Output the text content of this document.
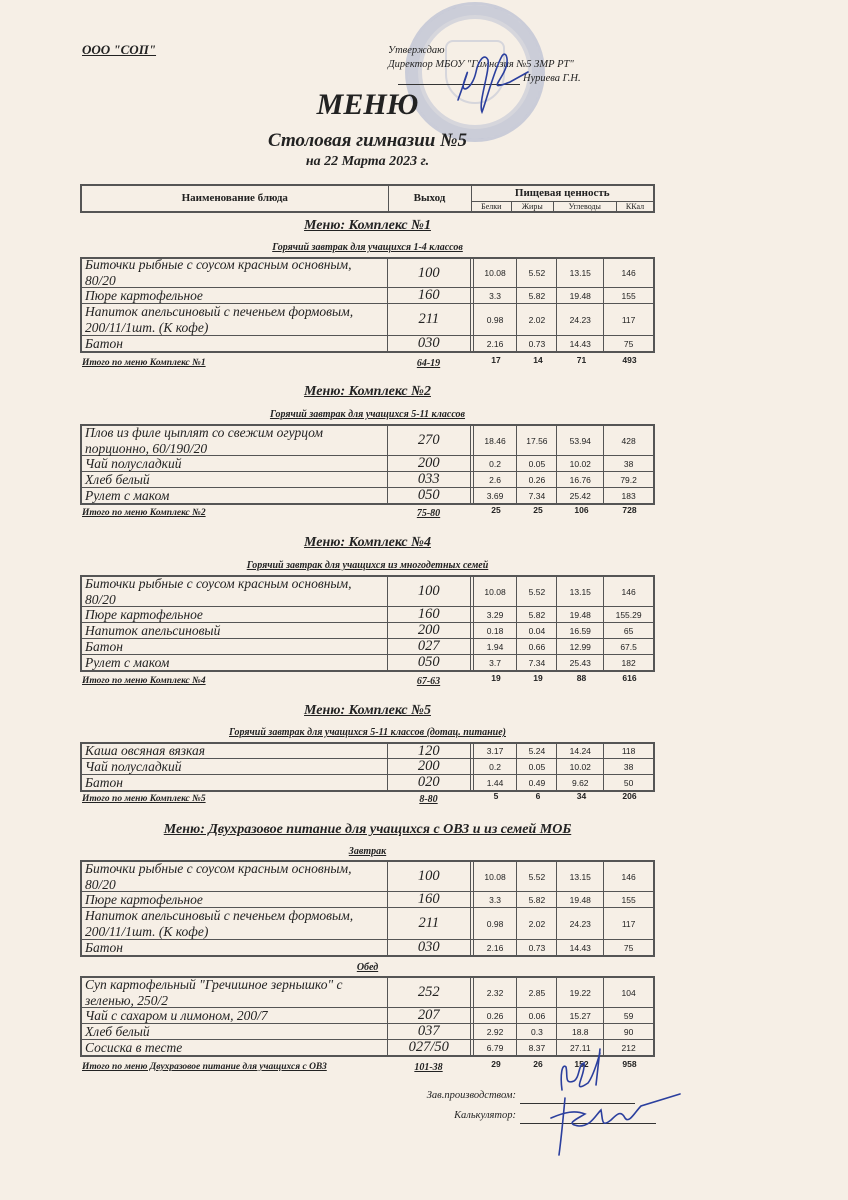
ООО "СОП"	Утверждаю
Директор МБОУ "Гимназия №5 ЗМР РТ"
Нуриева Г.Н.
МЕНЮ
Столовая гимназии №5
на 22 Марта 2023 г.
Наименование блюда	Выход	Пищевая ценность			
		Белки	Жиры	Углеводы	ККал
Меню: Комплекс №1
Горячий завтрак для учащихся 1-4 классов
Биточки рыбные с соусом красным основным, 80/20	100	10.08	5.52	13.15	146
Пюре картофельное	160	3.3	5.82	19.48	155
Напиток апельсиновый с печеньем формовым, 200/11/1шт. (К кофе)	211	0.98	2.02	24.23	117
Батон	030	2.16	0.73	14.43	75
Итого по меню Комплекс №1	64-19	17	14	71	493
Меню: Комплекс №2
Горячий завтрак для учащихся 5-11 классов
Плов из филе цыплят со свежим огурцом порционно, 60/190/20	270	18.46	17.56	53.94	428
Чай полусладкий	200	0.2	0.05	10.02	38
Хлеб белый	033	2.6	0.26	16.76	79.2
Рулет с маком	050	3.69	7.34	25.42	183
Итого по меню Комплекс №2	75-80	25	25	106	728
Меню: Комплекс №4
Горячий завтрак для учащихся из многодетных семей
Биточки рыбные с соусом красным основным, 80/20	100	10.08	5.52	13.15	146
Пюре картофельное	160	3.29	5.82	19.48	155.29
Напиток апельсиновый	200	0.18	0.04	16.59	65
Батон	027	1.94	0.66	12.99	67.5
Рулет с маком	050	3.7	7.34	25.43	182
Итого по меню Комплекс №4	67-63	19	19	88	616
Меню: Комплекс №5
Горячий завтрак для учащихся 5-11 классов (дотац. питание)
Каша овсяная вязкая	120	3.17	5.24	14.24	118
Чай полусладкий	200	0.2	0.05	10.02	38
Батон	020	1.44	0.49	9.62	50
Итого по меню Комплекс №5	8-80	5	6	34	206
Меню: Двухразовое питание для учащихся с ОВЗ и из семей МОБ
Завтрак
Биточки рыбные с соусом красным основным, 80/20	100	10.08	5.52	13.15	146
Пюре картофельное	160	3.3	5.82	19.48	155
Напиток апельсиновый с печеньем формовым, 200/11/1шт. (К кофе)	211	0.98	2.02	24.23	117
Батон	030	2.16	0.73	14.43	75
Обед
Суп картофельный "Гречишное зернышко" с зеленью, 250/2	252	2.32	2.85	19.22	104
Чай с сахаром и лимоном, 200/7	207	0.26	0.06	15.27	59
Хлеб белый	037	2.92	0.3	18.8	90
Сосиска в тесте	027/50	6.79	8.37	27.11	212
Итого по меню Двухразовое питание для учащихся с ОВЗ	101-38	29	26	152	958
Зав.производством:
Калькулятор:
